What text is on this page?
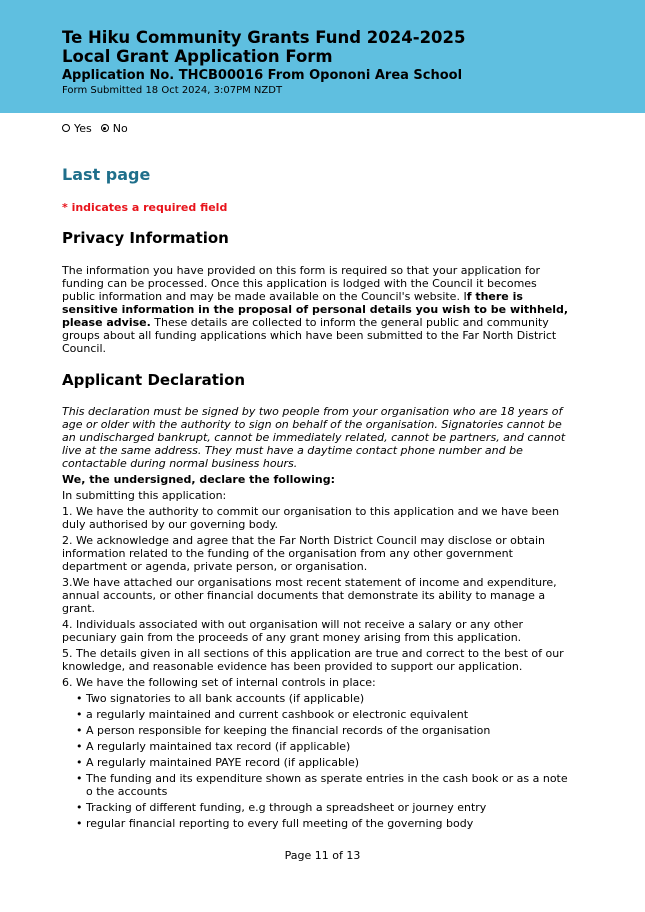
Te Hiku Community Grants Fund 2024-2025
Local Grant Application Form
Application No. THCB00016 From Opononi Area School
Form Submitted 18 Oct 2024, 3:07PM NZDT
Yes No
Last page
* indicates a required field
Privacy Information
The information you have provided on this form is required so that your application for funding can be processed. Once this application is lodged with the Council it becomes public information and may be made available on the Council's website. If there is sensitive information in the proposal of personal details you wish to be withheld, please advise. These details are collected to inform the general public and community groups about all funding applications which have been submitted to the Far North District Council.
Applicant Declaration
This declaration must be signed by two people from your organisation who are 18 years of age or older with the authority to sign on behalf of the organisation. Signatories cannot be an undischarged bankrupt, cannot be immediately related, cannot be partners, and cannot live at the same address. They must have a daytime contact phone number and be contactable during normal business hours.
We, the undersigned, declare the following:
In submitting this application:
1. We have the authority to commit our organisation to this application and we have been duly authorised by our governing body.
2. We acknowledge and agree that the Far North District Council may disclose or obtain information related to the funding of the organisation from any other government department or agenda, private person, or organisation.
3.We have attached our organisations most recent statement of income and expenditure, annual accounts, or other financial documents that demonstrate its ability to manage a grant.
4. Individuals associated with out organisation will not receive a salary or any other pecuniary gain from the proceeds of any grant money arising from this application.
5. The details given in all sections of this application are true and correct to the best of our knowledge, and reasonable evidence has been provided to support our application.
6. We have the following set of internal controls in place:
• Two signatories to all bank accounts (if applicable)
• a regularly maintained and current cashbook or electronic equivalent
• A person responsible for keeping the financial records of the organisation
• A regularly maintained tax record (if applicable)
• A regularly maintained PAYE record (if applicable)
• The funding and its expenditure shown as sperate entries in the cash book or as a note o the accounts
• Tracking of different funding, e.g through a spreadsheet or journey entry
• regular financial reporting to every full meeting of the governing body
Page 11 of 13
